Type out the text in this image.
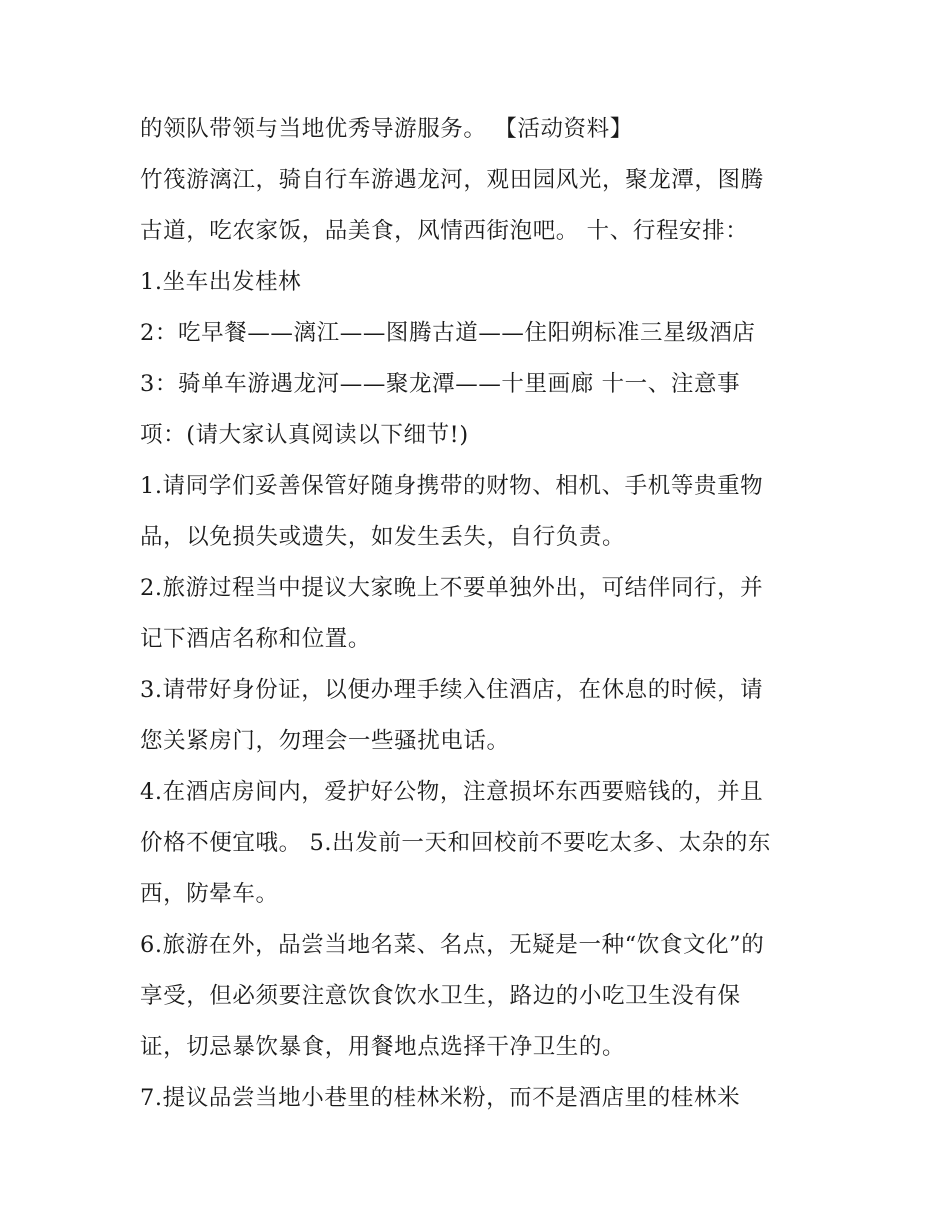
的领队带领与当地优秀导游服务。 【活动资料】
竹筏游漓江，骑自行车游遇龙河，观田园风光，聚龙潭，图腾
古道，吃农家饭，品美食，风情西街泡吧。 十、行程安排：
1.坐车出发桂林
2：吃早餐——漓江——图腾古道——住阳朔标准三星级酒店
3：骑单车游遇龙河——聚龙潭——十里画廊 十一、注意事
项：(请大家认真阅读以下细节!)
1.请同学们妥善保管好随身携带的财物、相机、手机等贵重物
品，以免损失或遗失，如发生丢失，自行负责。
2.旅游过程当中提议大家晚上不要单独外出，可结伴同行，并
记下酒店名称和位置。
3.请带好身份证，以便办理手续入住酒店，在休息的时候，请
您关紧房门，勿理会一些骚扰电话。
4.在酒店房间内，爱护好公物，注意损坏东西要赔钱的，并且
价格不便宜哦。 5.出发前一天和回校前不要吃太多、太杂的东
西，防晕车。
6.旅游在外，品尝当地名菜、名点，无疑是一种“饮食文化”的
享受，但必须要注意饮食饮水卫生，路边的小吃卫生没有保
证，切忌暴饮暴食，用餐地点选择干净卫生的。
7.提议品尝当地小巷里的桂林米粉，而不是酒店里的桂林米
